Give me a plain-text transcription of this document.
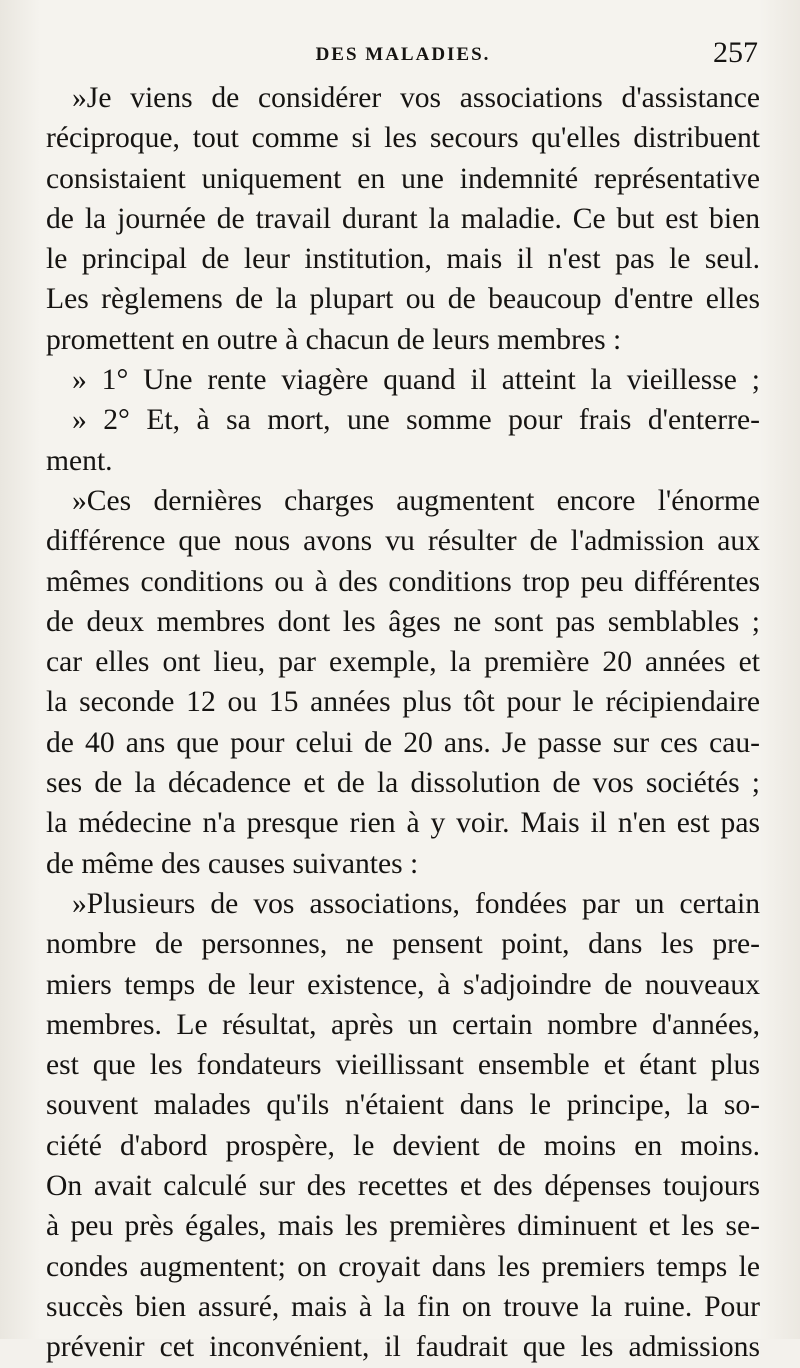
DES MALADIES.	257
»Je viens de considérer vos associations d'assistance
réciproque, tout comme si les secours qu'elles distribuent
consistaient uniquement en une indemnité représentative
de la journée de travail durant la maladie. Ce but est bien
le principal de leur institution, mais il n'est pas le seul.
Les règlemens de la plupart ou de beaucoup d'entre elles
promettent en outre à chacun de leurs membres :
» 1° Une rente viagère quand il atteint la vieillesse ;
» 2° Et, à sa mort, une somme pour frais d'enterre-
ment.
»Ces dernières charges augmentent encore l'énorme
différence que nous avons vu résulter de l'admission aux
mêmes conditions ou à des conditions trop peu différentes
de deux membres dont les âges ne sont pas semblables ;
car elles ont lieu, par exemple, la première 20 années et
la seconde 12 ou 15 années plus tôt pour le récipiendaire
de 40 ans que pour celui de 20 ans. Je passe sur ces cau-
ses de la décadence et de la dissolution de vos sociétés ;
la médecine n'a presque rien à y voir. Mais il n'en est pas
de même des causes suivantes :
»Plusieurs de vos associations, fondées par un certain
nombre de personnes, ne pensent point, dans les pre-
miers temps de leur existence, à s'adjoindre de nouveaux
membres. Le résultat, après un certain nombre d'années,
est que les fondateurs vieillissant ensemble et étant plus
souvent malades qu'ils n'étaient dans le principe, la so-
ciété d'abord prospère, le devient de moins en moins.
On avait calculé sur des recettes et des dépenses toujours
à peu près égales, mais les premières diminuent et les se-
condes augmentent; on croyait dans les premiers temps le
succès bien assuré, mais à la fin on trouve la ruine. Pour
prévenir cet inconvénient, il faudrait que les admissions
